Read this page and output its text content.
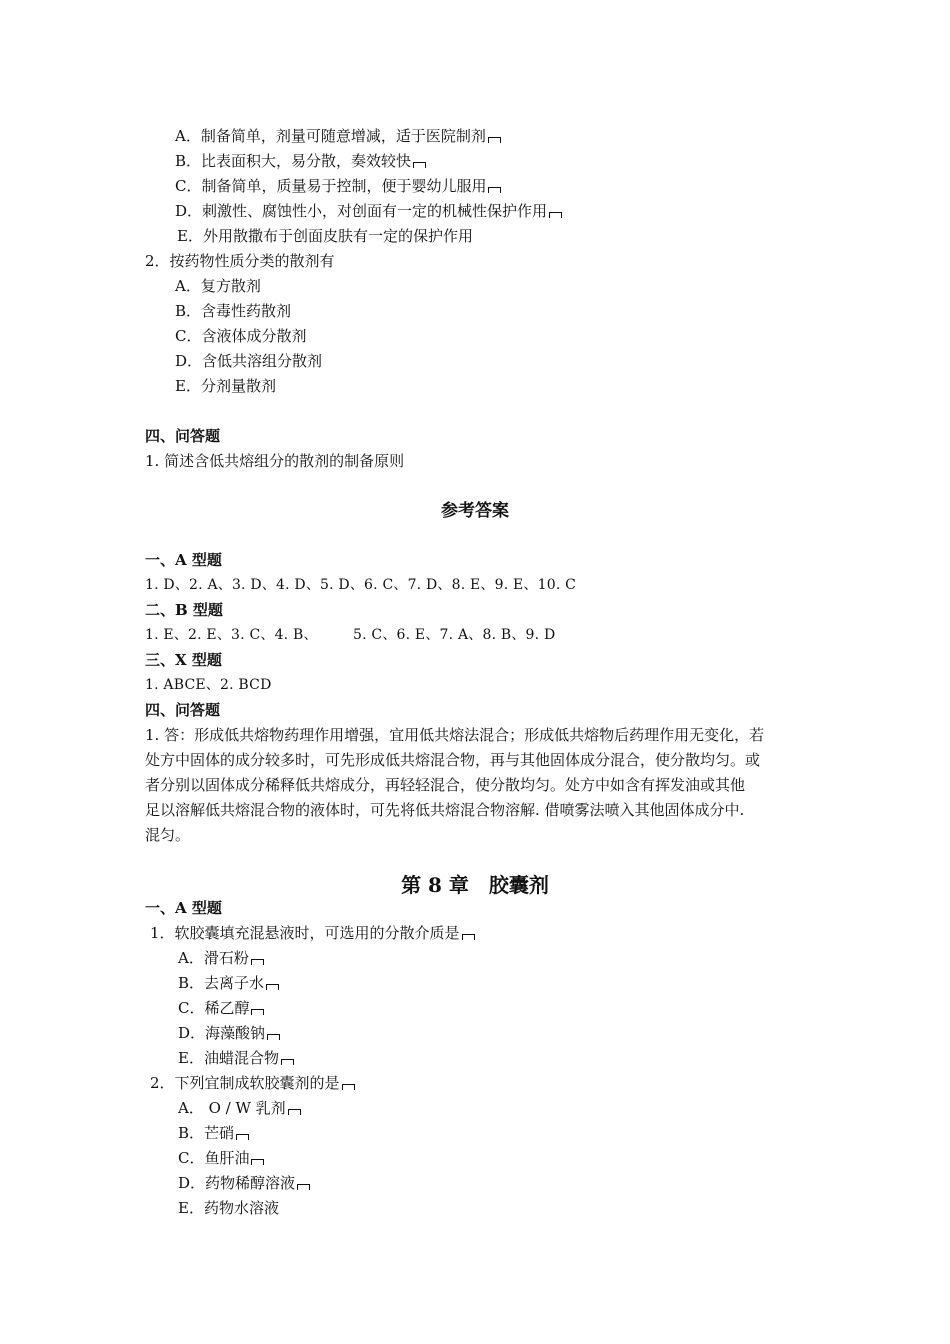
A．制备简单，剂量可随意增减，适于医院制剂
B．比表面积大，易分散，奏效较快
C．制备简单，质量易于控制，便于婴幼儿服用
D．刺激性、腐蚀性小，对创面有一定的机械性保护作用
E．外用散撒布于创面皮肤有一定的保护作用
2．按药物性质分类的散剂有
A．复方散剂
B．含毒性药散剂
C．含液体成分散剂
D．含低共溶组分散剂
E．分剂量散剂
四、问答题
1. 简述含低共熔组分的散剂的制备原则
参考答案
一、A 型题
1. D、2. A、3. D、4. D、5. D、6. C、7. D、8. E、9. E、10. C
二、B 型题
1. E、2. E、3. C、4. B、	5. C、6. E、7. A、8. B、9. D
三、X 型题
1. ABCE、2. BCD
四、问答题
1. 答：形成低共熔物药理作用增强，宜用低共熔法混合；形成低共熔物后药理作用无变化，若
处方中固体的成分较多时，可先形成低共熔混合物，再与其他固体成分混合，使分散均匀。或
者分别以固体成分稀释低共熔成分，再轻轻混合，使分散均匀。处方中如含有挥发油或其他
足以溶解低共熔混合物的液体时，可先将低共熔混合物溶解. 借喷雾法喷入其他固体成分中.
混匀。
第 8 章　胶囊剂
一、A 型题
1．软胶囊填充混悬液时，可选用的分散介质是
A．滑石粉
B．去离子水
C．稀乙醇
D．海藻酸钠
E．油蜡混合物
2．下列宜制成软胶囊剂的是
A． O / W 乳剂
B．芒硝
C．鱼肝油
D．药物稀醇溶液
E．药物水溶液
